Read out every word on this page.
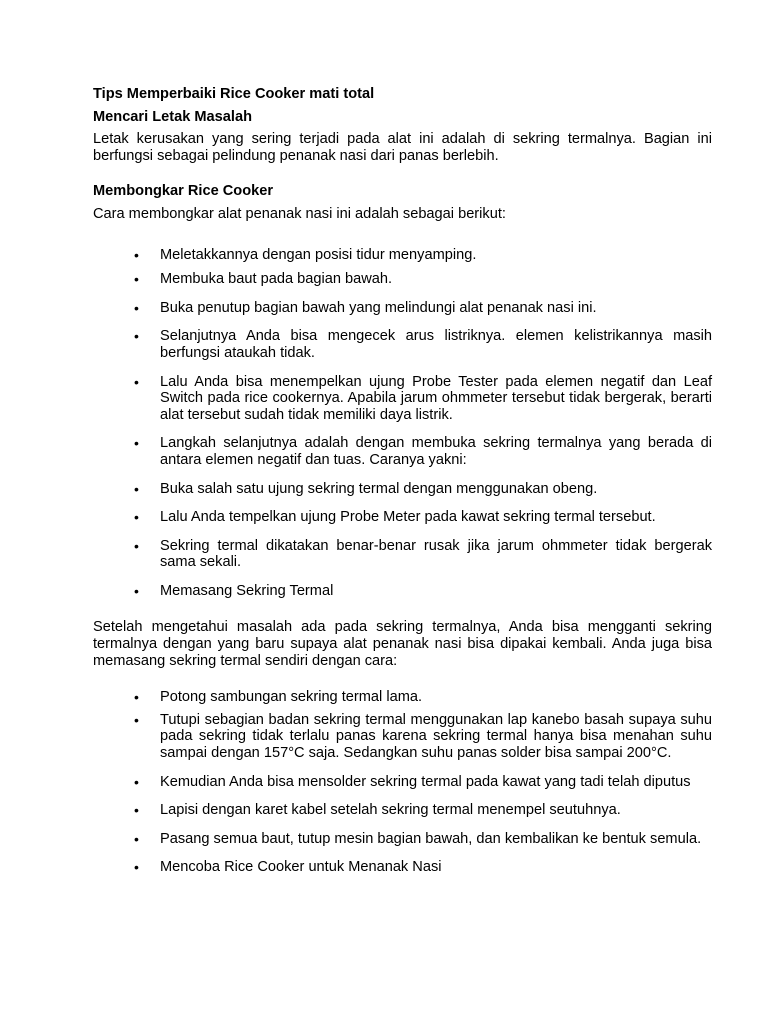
Tips Memperbaiki Rice Cooker mati total
Mencari Letak Masalah

Letak kerusakan yang sering terjadi pada alat ini adalah di sekring termalnya. Bagian ini berfungsi sebagai pelindung penanak nasi dari panas berlebih.

Membongkar Rice Cooker

Cara membongkar alat penanak nasi ini adalah sebagai berikut:

• Meletakkannya dengan posisi tidur menyamping.
• Membuka baut pada bagian bawah.
• Buka penutup bagian bawah yang melindungi alat penanak nasi ini.
• Selanjutnya Anda bisa mengecek arus listriknya. elemen kelistrikannya masih berfungsi ataukah tidak.
• Lalu Anda bisa menempelkan ujung Probe Tester pada elemen negatif dan Leaf Switch pada rice cookernya. Apabila jarum ohmmeter tersebut tidak bergerak, berarti alat tersebut sudah tidak memiliki daya listrik.
• Langkah selanjutnya adalah dengan membuka sekring termalnya yang berada di antara elemen negatif dan tuas. Caranya yakni:
• Buka salah satu ujung sekring termal dengan menggunakan obeng.
• Lalu Anda tempelkan ujung Probe Meter pada kawat sekring termal tersebut.
• Sekring termal dikatakan benar-benar rusak jika jarum ohmmeter tidak bergerak sama sekali.
• Memasang Sekring Termal

Setelah mengetahui masalah ada pada sekring termalnya, Anda bisa mengganti sekring termalnya dengan yang baru supaya alat penanak nasi bisa dipakai kembali. Anda juga bisa memasang sekring termal sendiri dengan cara:

• Potong sambungan sekring termal lama.
• Tutupi sebagian badan sekring termal menggunakan lap kanebo basah supaya suhu pada sekring tidak terlalu panas karena sekring termal hanya bisa menahan suhu sampai dengan 157°C saja. Sedangkan suhu panas solder bisa sampai 200°C.
• Kemudian Anda bisa mensolder sekring termal pada kawat yang tadi telah diputus
• Lapisi dengan karet kabel setelah sekring termal menempel seutuhnya.
• Pasang semua baut, tutup mesin bagian bawah, dan kembalikan ke bentuk semula.
• Mencoba Rice Cooker untuk Menanak Nasi
